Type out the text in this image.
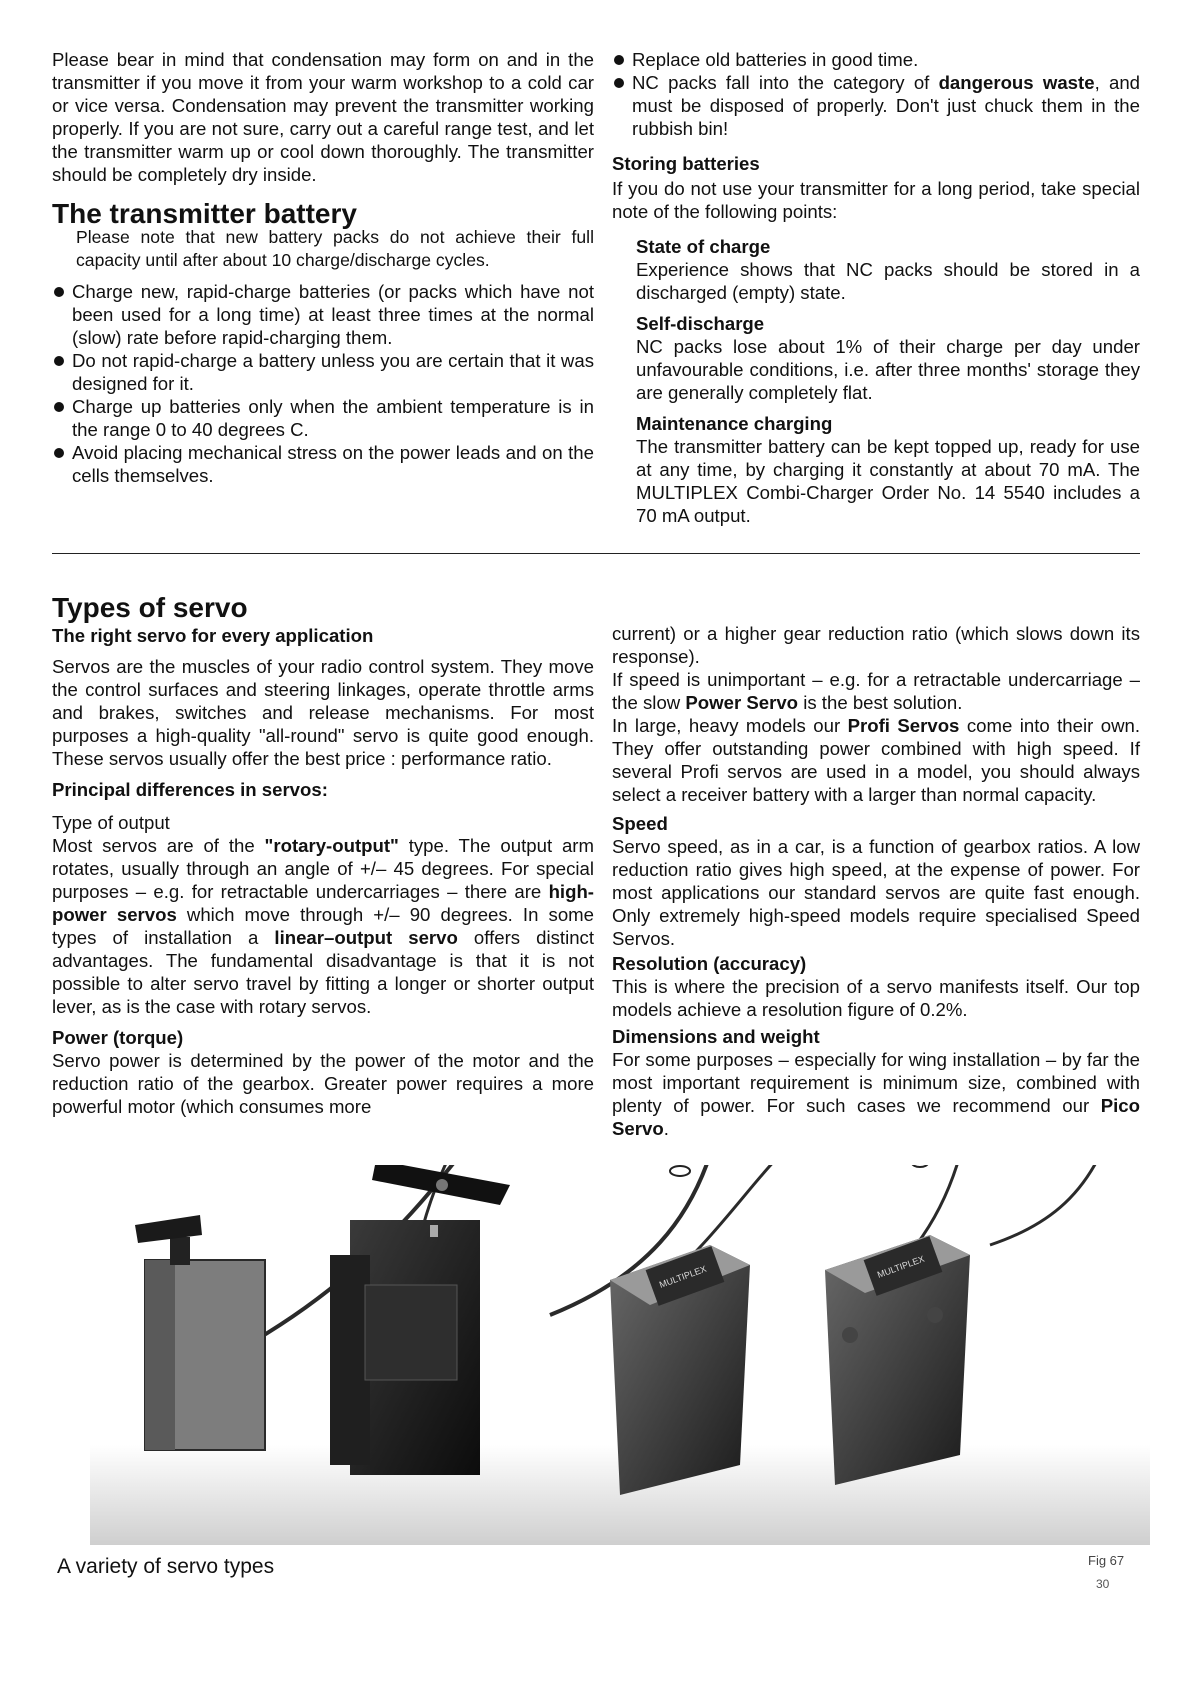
Please bear in mind that condensation may form on and in the transmitter if you move it from your warm workshop to a cold car or vice versa. Condensation may prevent the transmitter working properly. If you are not sure, carry out a careful range test, and let the transmitter warm up or cool down thoroughly. The transmitter should be completely dry inside.

The transmitter battery

Please note that new battery packs do not achieve their full capacity until after about 10 charge/discharge cycles.

Charge new, rapid-charge batteries (or packs which have not been used for a long time) at least three times at the normal (slow) rate before rapid-charging them.
Do not rapid-charge a battery unless you are certain that it was designed for it.
Charge up batteries only when the ambient temperature is in the range 0 to 40 degrees C.
Avoid placing mechanical stress on the power leads and on the cells themselves.
Replace old batteries in good time.
NC packs fall into the category of dangerous waste, and must be disposed of properly. Don't just chuck them in the rubbish bin!
Storing batteries

If you do not use your transmitter for a long period, take special note of the following points:

State of charge

Experience shows that NC packs should be stored in a discharged (empty) state.

Self-discharge

NC packs lose about 1% of their charge per day under unfavourable conditions, i.e. after three months' storage they are generally completely flat.

Maintenance charging

The transmitter battery can be kept topped up, ready for use at any time, by charging it constantly at about 70 mA. The MULTIPLEX Combi-Charger Order No. 14 5540 includes a 70 mA output.

Types of servo
The right servo for every application

Servos are the muscles of your radio control system. They move the control surfaces and steering linkages, operate throttle arms and brakes, switches and release mechanisms. For most purposes a high-quality "all-round" servo is quite good enough. These servos usually offer the best price : performance ratio.

Principal differences in servos:
Type of output

Most servos are of the "rotary-output" type. The output arm rotates, usually through an angle of +/– 45 degrees. For special purposes – e.g. for retractable undercarriages – there are high-power servos which move through +/– 90 degrees. In some types of installation a linear–output servo offers distinct advantages. The fundamental disadvantage is that it is not possible to alter servo travel by fitting a longer or shorter output lever, as is the case with rotary servos.

Power (torque)

Servo power is determined by the power of the motor and the reduction ratio of the gearbox. Greater power requires a more powerful motor (which consumes more

current) or a higher gear reduction ratio (which slows down its response).

If speed is unimportant – e.g. for a retractable undercarriage – the slow Power Servo is the best solution.

In large, heavy models our Profi Servos come into their own. They offer outstanding power combined with high speed. If several Profi servos are used in a model, you should always select a receiver battery with a larger than normal capacity.

Speed

Servo speed, as in a car, is a function of gearbox ratios. A low reduction ratio gives high speed, at the expense of power. For most applications our standard servos are quite fast enough. Only extremely high-speed models require specialised Speed Servos.

Resolution (accuracy)

This is where the precision of a servo manifests itself. Our top models achieve a resolution figure of 0.2%.

Dimensions and weight

For some purposes – especially for wing installation – by far the most important requirement is minimum size, combined with plenty of power. For such cases we recommend our Pico Servo.

MULTIPLEX	MULTIPLEX
A variety of servo types	Fig 67
30
